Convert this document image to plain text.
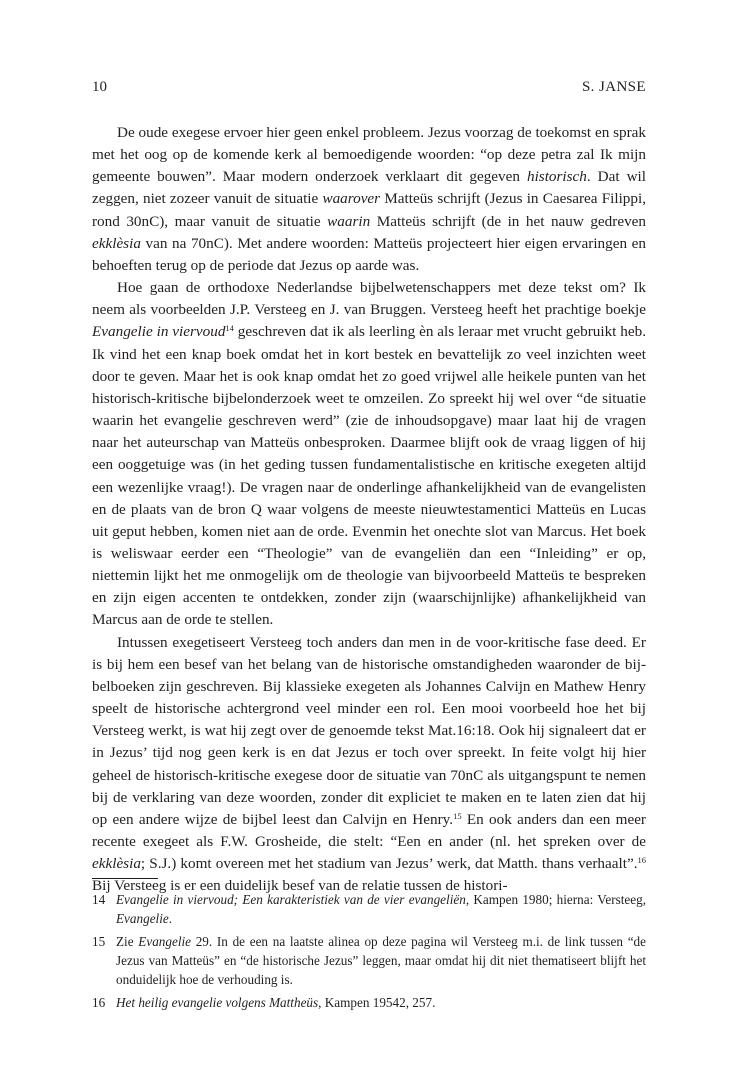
10	S. JANSE

De oude exegese ervoer hier geen enkel probleem. Jezus voorzag de toekomst en sprak met het oog op de komende kerk al bemoedigende woorden: “op deze petra zal Ik mijn gemeente bouwen”. Maar modern onderzoek verklaart dit gegeven historisch. Dat wil zeggen, niet zozeer vanuit de situatie waarover Matteüs schrijft (Jezus in Caesarea Filippi, rond 30nC), maar vanuit de situatie waarin Matteüs schrijft (de in het nauw gedreven ekklèsia van na 70nC). Met andere woorden: Matteüs projecteert hier eigen ervaringen en behoeften terug op de periode dat Jezus op aarde was.

Hoe gaan de orthodoxe Nederlandse bijbelwetenschappers met deze tekst om? Ik neem als voorbeelden J.P. Versteeg en J. van Bruggen. Versteeg heeft het prachtige boekje Evangelie in viervoud$^{14}$ geschreven dat ik als leerling èn als leraar met vrucht gebruikt heb. Ik vind het een knap boek omdat het in kort bestek en bevattelijk zo veel inzichten weet door te geven. Maar het is ook knap omdat het zo goed vrijwel alle heikele punten van het historisch-kritische bijbelonderzoek weet te omzeilen. Zo spreekt hij wel over “de situatie waarin het evangelie geschreven werd” (zie de inhoudsopgave) maar laat hij de vragen naar het auteurschap van Matteüs onbesproken. Daarmee blijft ook de vraag liggen of hij een ooggetuige was (in het geding tussen fundamentalistische en kritische exegeten altijd een wezenlijke vraag!). De vragen naar de onderlinge afhankelijkheid van de evangelisten en de plaats van de bron Q waar volgens de meeste nieuwtestamentici Matteüs en Lucas uit geput hebben, komen niet aan de orde. Evenmin het onechte slot van Marcus. Het boek is weliswaar eerder een “Theologie” van de evangeliën dan een “Inleiding” er op, niettemin lijkt het me onmogelijk om de theologie van bijvoorbeeld Matteüs te bespreken en zijn eigen accenten te ontdekken, zonder zijn (waarschijnlijke) afhankelijkheid van Marcus aan de orde te stellen.

Intussen exegetiseert Versteeg toch anders dan men in de voor-kritische fase deed. Er is bij hem een besef van het belang van de historische omstandigheden waaronder de bijbelboeken zijn geschreven. Bij klassieke exegeten als Johannes Calvijn en Mathew Henry speelt de historische achtergrond veel minder een rol. Een mooi voorbeeld hoe het bij Versteeg werkt, is wat hij zegt over de genoemde tekst Mat.16:18. Ook hij signaleert dat er in Jezus’ tijd nog geen kerk is en dat Jezus er toch over spreekt. In feite volgt hij hier geheel de historisch-kritische exegese door de situatie van 70nC als uitgangspunt te nemen bij de verklaring van deze woorden, zonder dit expliciet te maken en te laten zien dat hij op een andere wijze de bijbel leest dan Calvijn en Henry.$^{15}$ En ook anders dan een meer recente exegeet als F.W. Grosheide, die stelt: “Een en ander (nl. het spreken over de ekklèsia; S.J.) komt overeen met het stadium van Jezus’ werk, dat Matth. thans verhaalt”.$^{16}$ Bij Versteeg is er een duidelijk besef van de relatie tussen de histori-

14 Evangelie in viervoud; Een karakteristiek van de vier evangeliën, Kampen 1980; hierna: Versteeg, Evangelie.
15 Zie Evangelie 29. In de een na laatste alinea op deze pagina wil Versteeg m.i. de link tussen “de Jezus van Matteüs” en “de historische Jezus” leggen, maar omdat hij dit niet thematiseert blijft het onduidelijk hoe de verhouding is.
16 Het heilig evangelie volgens Mattheüs, Kampen 19542, 257.
